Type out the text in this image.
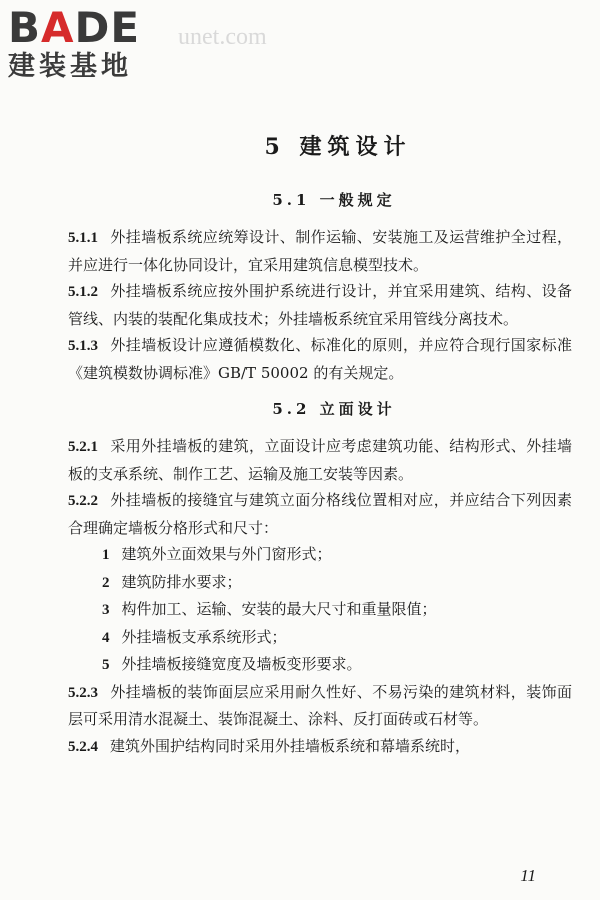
BADE
建装基地
unet.com
5 建筑设计
5.1 一般规定

5.1.1 外挂墙板系统应统筹设计、制作运输、安装施工及运营维护全过程，并应进行一体化协同设计，宜采用建筑信息模型技术。

5.1.2 外挂墙板系统应按外围护系统进行设计，并宜采用建筑、结构、设备管线、内装的装配化集成技术；外挂墙板系统宜采用管线分离技术。

5.1.3 外挂墙板设计应遵循模数化、标准化的原则，并应符合现行国家标准《建筑模数协调标准》GB/T 50002 的有关规定。

5.2 立面设计

5.2.1 采用外挂墙板的建筑，立面设计应考虑建筑功能、结构形式、外挂墙板的支承系统、制作工艺、运输及施工安装等因素。

5.2.2 外挂墙板的接缝宜与建筑立面分格线位置相对应，并应结合下列因素合理确定墙板分格形式和尺寸：

1 建筑外立面效果与外门窗形式；
2 建筑防排水要求；
3 构件加工、运输、安装的最大尺寸和重量限值；
4 外挂墙板支承系统形式；
5 外挂墙板接缝宽度及墙板变形要求。

5.2.3 外挂墙板的装饰面层应采用耐久性好、不易污染的建筑材料，装饰面层可采用清水混凝土、装饰混凝土、涂料、反打面砖或石材等。

5.2.4 建筑外围护结构同时采用外挂墙板系统和幕墙系统时，

11
